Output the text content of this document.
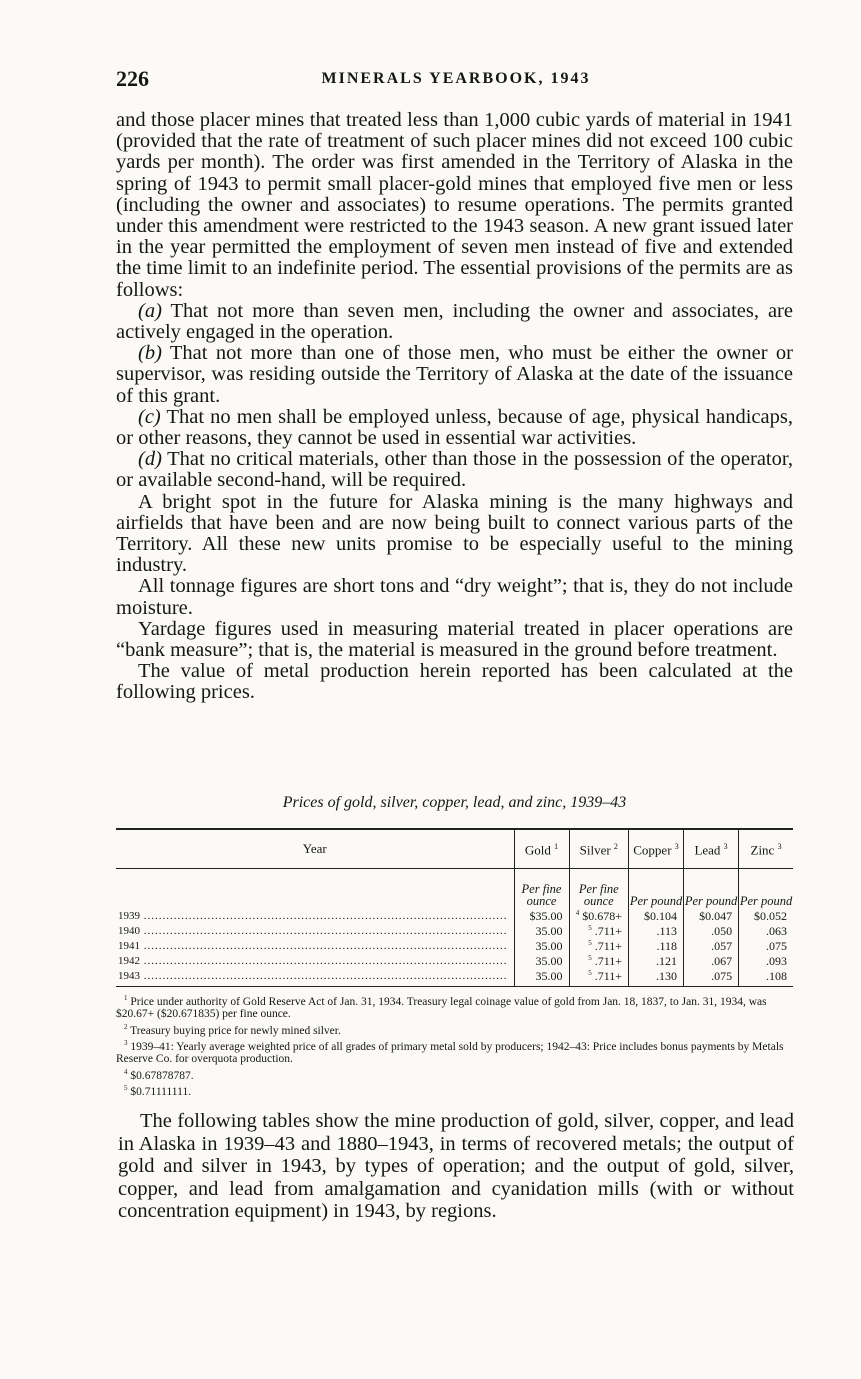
226	MINERALS YEARBOOK, 1943

and those placer mines that treated less than 1,000 cubic yards of material in 1941 (provided that the rate of treatment of such placer mines did not exceed 100 cubic yards per month). The order was first amended in the Territory of Alaska in the spring of 1943 to permit small placer-gold mines that employed five men or less (including the owner and associates) to resume operations. The permits granted under this amendment were restricted to the 1943 season. A new grant issued later in the year permitted the employment of seven men instead of five and extended the time limit to an indefinite period. The essential provisions of the permits are as follows:

(a) That not more than seven men, including the owner and associates, are actively engaged in the operation.

(b) That not more than one of those men, who must be either the owner or supervisor, was residing outside the Territory of Alaska at the date of the issuance of this grant.

(c) That no men shall be employed unless, because of age, physical handicaps, or other reasons, they cannot be used in essential war activities.

(d) That no critical materials, other than those in the possession of the operator, or available second-hand, will be required.

A bright spot in the future for Alaska mining is the many highways and airfields that have been and are now being built to connect various parts of the Territory. All these new units promise to be especially useful to the mining industry.

All tonnage figures are short tons and “dry weight”; that is, they do not include moisture.

Yardage figures used in measuring material treated in placer operations are “bank measure”; that is, the material is measured in the ground before treatment.

The value of metal production herein reported has been calculated at the following prices.

Prices of gold, silver, copper, lead, and zinc, 1939–43
Year	Gold $^1$	Silver $^2$	Copper $^3$	Lead $^3$	Zinc $^3$

	Per fine ounce	Per fine ounce	Per pound	Per pound	Per pound

1939 .....	$35.00	$^4$ $0.678+	$0.104	$0.047	$0.052

1940 .....	35.00	$^5$ .711+	.113	.050	.063

1941 .....	35.00	$^5$ .711+	.118	.057	.075

1942 .....	35.00	$^5$ .711+	.121	.067	.093

1943 .....	35.00	$^5$ .711+	.130	.075	.108

$^1$ Price under authority of Gold Reserve Act of Jan. 31, 1934. Treasury legal coinage value of gold from Jan. 18, 1837, to Jan. 31, 1934, was $20.67+ ($20.671835) per fine ounce.

$^2$ Treasury buying price for newly mined silver.

$^3$ 1939–41: Yearly average weighted price of all grades of primary metal sold by producers; 1942–43: Price includes bonus payments by Metals Reserve Co. for overquota production.

$^4$ $0.67878787.

$^5$ $0.71111111.

The following tables show the mine production of gold, silver, copper, and lead in Alaska in 1939–43 and 1880–1943, in terms of recovered metals; the output of gold and silver in 1943, by types of operation; and the output of gold, silver, copper, and lead from amalgamation and cyanidation mills (with or without concentration equipment) in 1943, by regions.
